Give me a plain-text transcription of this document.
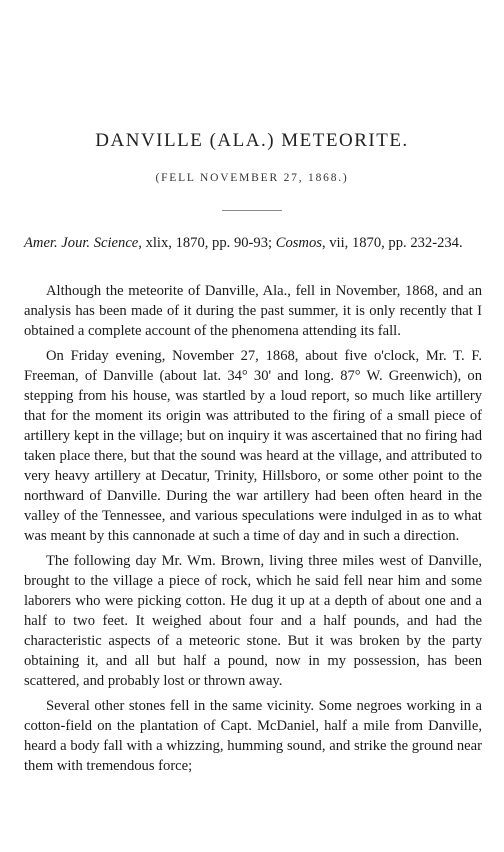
DANVILLE (ALA.) METEORITE.
(FELL NOVEMBER 27, 1868.)
Amer. Jour. Science, xlix, 1870, pp. 90-93; Cosmos, vii, 1870, pp. 232-234.

Although the meteorite of Danville, Ala., fell in November, 1868, and an analysis has been made of it during the past summer, it is only recently that I obtained a complete account of the phenomena attending its fall.

On Friday evening, November 27, 1868, about five o'clock, Mr. T. F. Freeman, of Danville (about lat. 34° 30' and long. 87° W. Greenwich), on stepping from his house, was startled by a loud report, so much like artillery that for the moment its origin was attributed to the firing of a small piece of artillery kept in the village; but on inquiry it was ascertained that no firing had taken place there, but that the sound was heard at the village, and attributed to very heavy artillery at Decatur, Trinity, Hillsboro, or some other point to the northward of Danville. During the war artillery had been often heard in the valley of the Tennessee, and various speculations were indulged in as to what was meant by this cannonade at such a time of day and in such a direction.

The following day Mr. Wm. Brown, living three miles west of Danville, brought to the village a piece of rock, which he said fell near him and some laborers who were picking cotton. He dug it up at a depth of about one and a half to two feet. It weighed about four and a half pounds, and had the characteristic aspects of a meteoric stone. But it was broken by the party obtaining it, and all but half a pound, now in my possession, has been scattered, and probably lost or thrown away.

Several other stones fell in the same vicinity. Some negroes working in a cotton-field on the plantation of Capt. McDaniel, half a mile from Danville, heard a body fall with a whizzing, humming sound, and strike the ground near them with tremendous force;
